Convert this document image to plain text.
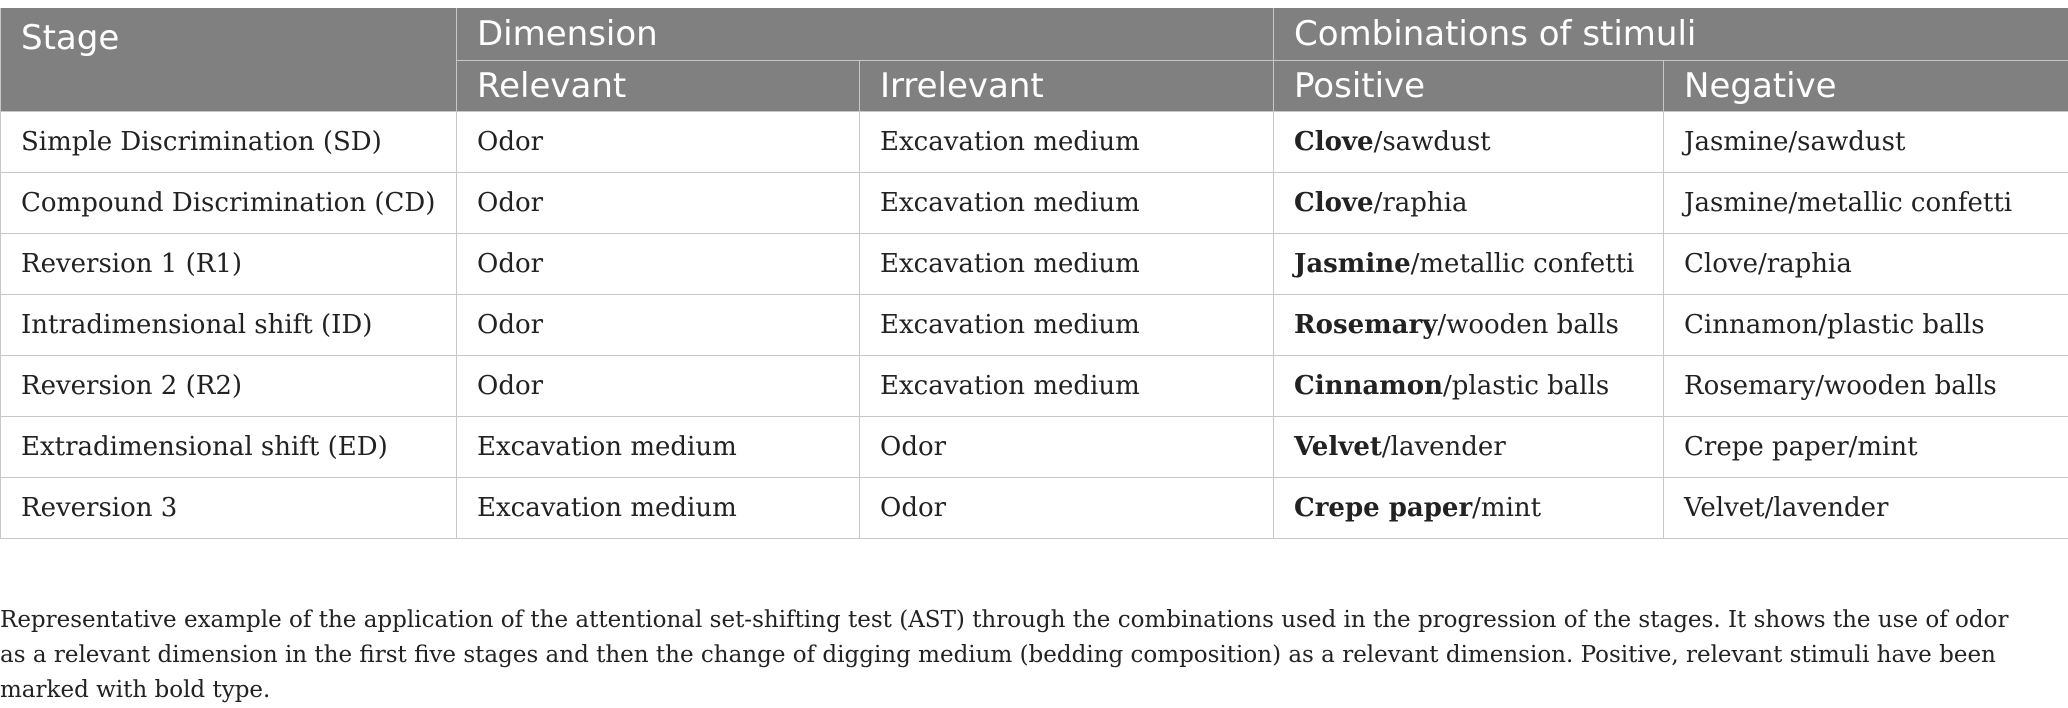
Stage	Dimension		Combinations of stimuli	
	Relevant	Irrelevant	Positive	Negative
Simple Discrimination (SD)	Odor	Excavation medium	Clove/sawdust	Jasmine/sawdust
Compound Discrimination (CD)	Odor	Excavation medium	Clove/raphia	Jasmine/metallic confetti
Reversion 1 (R1)	Odor	Excavation medium	Jasmine/metallic confetti	Clove/raphia
Intradimensional shift (ID)	Odor	Excavation medium	Rosemary/wooden balls	Cinnamon/plastic balls
Reversion 2 (R2)	Odor	Excavation medium	Cinnamon/plastic balls	Rosemary/wooden balls
Extradimensional shift (ED)	Excavation medium	Odor	Velvet/lavender	Crepe paper/mint
Reversion 3	Excavation medium	Odor	Crepe paper/mint	Velvet/lavender

Representative example of the application of the attentional set-shifting test (AST) through the combinations used in the progression of the stages. It shows the use of odor as a relevant dimension in the first five stages and then the change of digging medium (bedding composition) as a relevant dimension. Positive, relevant stimuli have been marked with bold type.
